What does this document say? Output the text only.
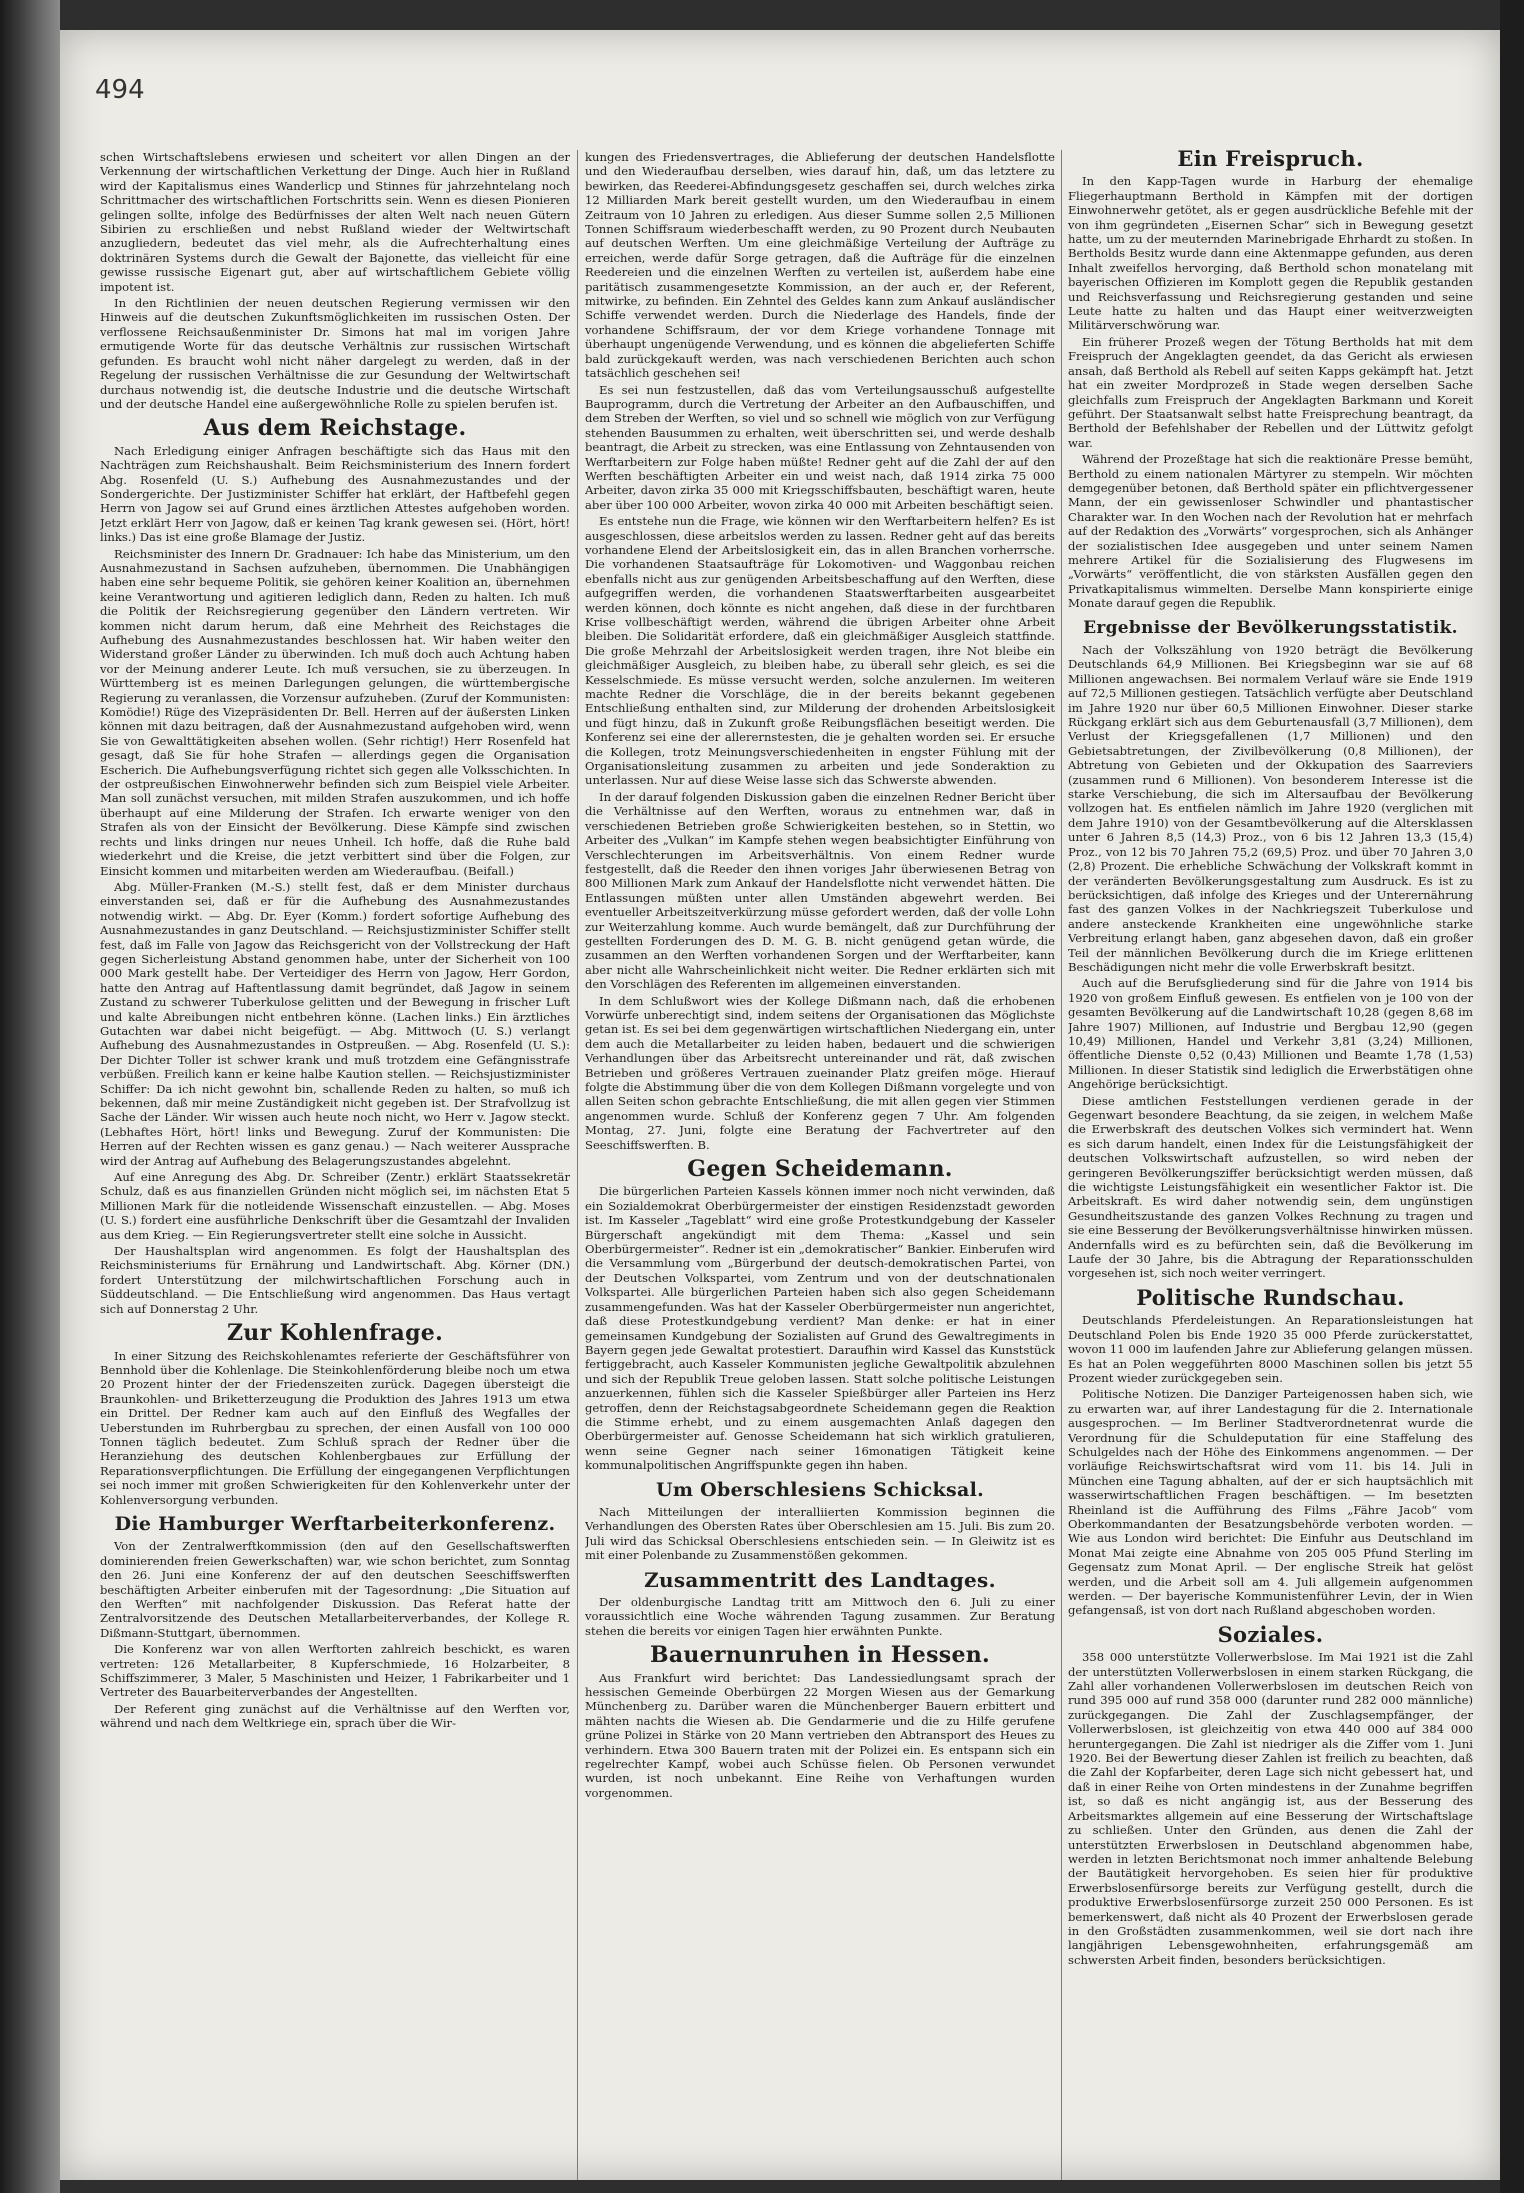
494

schen Wirtschaftslebens erwiesen und scheitert vor allen Dingen an der Verkennung der wirtschaftlichen Verkettung der Dinge. Auch hier in Rußland wird der Kapitalismus eines Wanderlicp und Stinnes für jahrzehntelang noch Schrittmacher des wirtschaftlichen Fortschritts sein. Wenn es diesen Pionieren gelingen sollte, infolge des Bedürfnisses der alten Welt nach neuen Gütern Sibirien zu erschließen und nebst Rußland wieder der Weltwirtschaft anzugliedern, bedeutet das viel mehr, als die Aufrechterhaltung eines doktrinären Systems durch die Gewalt der Bajonette, das vielleicht für eine gewisse russische Eigenart gut, aber auf wirtschaftlichem Gebiete völlig impotent ist.

In den Richtlinien der neuen deutschen Regierung vermissen wir den Hinweis auf die deutschen Zukunftsmöglichkeiten im russischen Osten. Der verflossene Reichsaußenminister Dr. Simons hat mal im vorigen Jahre ermutigende Worte für das deutsche Verhältnis zur russischen Wirtschaft gefunden. Es braucht wohl nicht näher dargelegt zu werden, daß in der Regelung der russischen Verhältnisse die zur Gesundung der Weltwirtschaft durchaus notwendig ist, die deutsche Industrie und die deutsche Wirtschaft und der deutsche Handel eine außergewöhnliche Rolle zu spielen berufen ist.

Aus dem Reichstage.

Nach Erledigung einiger Anfragen beschäftigte sich das Haus mit den Nachträgen zum Reichshaushalt. Beim Reichsministerium des Innern fordert Abg. Rosenfeld (U. S.) Aufhebung des Ausnahmezustandes und der Sondergerichte. Der Justizminister Schiffer hat erklärt, der Haftbefehl gegen Herrn von Jagow sei auf Grund eines ärztlichen Attestes aufgehoben worden. Jetzt erklärt Herr von Jagow, daß er keinen Tag krank gewesen sei. (Hört, hört! links.) Das ist eine große Blamage der Justiz.

Reichsminister des Innern Dr. Gradnauer: Ich habe das Ministerium, um den Ausnahmezustand in Sachsen aufzuheben, übernommen. Die Unabhängigen haben eine sehr bequeme Politik, sie gehören keiner Koalition an, übernehmen keine Verantwortung und agitieren lediglich dann, Reden zu halten. Ich muß die Politik der Reichsregierung gegenüber den Ländern vertreten. Wir kommen nicht darum herum, daß eine Mehrheit des Reichstages die Aufhebung des Ausnahmezustandes beschlossen hat. Wir haben weiter den Widerstand großer Länder zu überwinden. Ich muß doch auch Achtung haben vor der Meinung anderer Leute. Ich muß versuchen, sie zu überzeugen. In Württemberg ist es meinen Darlegungen gelungen, die württembergische Regierung zu veranlassen, die Vorzensur aufzuheben. (Zuruf der Kommunisten: Komödie!) Rüge des Vizepräsidenten Dr. Bell. Herren auf der äußersten Linken können mit dazu beitragen, daß der Ausnahmezustand aufgehoben wird, wenn Sie von Gewalttätigkeiten absehen wollen. (Sehr richtig!) Herr Rosenfeld hat gesagt, daß Sie für hohe Strafen — allerdings gegen die Organisation Escherich. Die Aufhebungsverfügung richtet sich gegen alle Volksschichten. In der ostpreußischen Einwohnerwehr befinden sich zum Beispiel viele Arbeiter. Man soll zunächst versuchen, mit milden Strafen auszukommen, und ich hoffe überhaupt auf eine Milderung der Strafen. Ich erwarte weniger von den Strafen als von der Einsicht der Bevölkerung. Diese Kämpfe sind zwischen rechts und links dringen nur neues Unheil. Ich hoffe, daß die Ruhe bald wiederkehrt und die Kreise, die jetzt verbittert sind über die Folgen, zur Einsicht kommen und mitarbeiten werden am Wiederaufbau. (Beifall.)

Abg. Müller-Franken (M.-S.) stellt fest, daß er dem Minister durchaus einverstanden sei, daß er für die Aufhebung des Ausnahmezustandes notwendig wirkt. — Abg. Dr. Eyer (Komm.) fordert sofortige Aufhebung des Ausnahmezustandes in ganz Deutschland. — Reichsjustizminister Schiffer stellt fest, daß im Falle von Jagow das Reichsgericht von der Vollstreckung der Haft gegen Sicherleistung Abstand genommen habe, unter der Sicherheit von 100 000 Mark gestellt habe. Der Verteidiger des Herrn von Jagow, Herr Gordon, hatte den Antrag auf Haftentlassung damit begründet, daß Jagow in seinem Zustand zu schwerer Tuberkulose gelitten und der Bewegung in frischer Luft und kalte Abreibungen nicht entbehren könne. (Lachen links.) Ein ärztliches Gutachten war dabei nicht beigefügt. — Abg. Mittwoch (U. S.) verlangt Aufhebung des Ausnahmezustandes in Ostpreußen. — Abg. Rosenfeld (U. S.): Der Dichter Toller ist schwer krank und muß trotzdem eine Gefängnisstrafe verbüßen. Freilich kann er keine halbe Kaution stellen. — Reichsjustizminister Schiffer: Da ich nicht gewohnt bin, schallende Reden zu halten, so muß ich bekennen, daß mir meine Zuständigkeit nicht gegeben ist. Der Strafvollzug ist Sache der Länder. Wir wissen auch heute noch nicht, wo Herr v. Jagow steckt. (Lebhaftes Hört, hört! links und Bewegung. Zuruf der Kommunisten: Die Herren auf der Rechten wissen es ganz genau.) — Nach weiterer Aussprache wird der Antrag auf Aufhebung des Belagerungszustandes abgelehnt.

Auf eine Anregung des Abg. Dr. Schreiber (Zentr.) erklärt Staatssekretär Schulz, daß es aus finanziellen Gründen nicht möglich sei, im nächsten Etat 5 Millionen Mark für die notleidende Wissenschaft einzustellen. — Abg. Moses (U. S.) fordert eine ausführliche Denkschrift über die Gesamtzahl der Invaliden aus dem Krieg. — Ein Regierungsvertreter stellt eine solche in Aussicht.

Der Haushaltsplan wird angenommen. Es folgt der Haushaltsplan des Reichsministeriums für Ernährung und Landwirtschaft. Abg. Körner (DN.) fordert Unterstützung der milchwirtschaftlichen Forschung auch in Süddeutschland. — Die Entschließung wird angenommen. Das Haus vertagt sich auf Donnerstag 2 Uhr.

Zur Kohlenfrage.

In einer Sitzung des Reichskohlenamtes referierte der Geschäftsführer von Bennhold über die Kohlenlage. Die Steinkohlenförderung bleibe noch um etwa 20 Prozent hinter der der Friedenszeiten zurück. Dagegen übersteigt die Braunkohlen- und Briketterzeugung die Produktion des Jahres 1913 um etwa ein Drittel. Der Redner kam auch auf den Einfluß des Wegfalles der Ueberstunden im Ruhrbergbau zu sprechen, der einen Ausfall von 100 000 Tonnen täglich bedeutet. Zum Schluß sprach der Redner über die Heranziehung des deutschen Kohlenbergbaues zur Erfüllung der Reparationsverpflichtungen. Die Erfüllung der eingegangenen Verpflichtungen sei noch immer mit großen Schwierigkeiten für den Kohlenverkehr unter der Kohlenversorgung verbunden.

Die Hamburger Werftarbeiterkonferenz.

Von der Zentralwerftkommission (den auf den Gesellschaftswerften dominierenden freien Gewerkschaften) war, wie schon berichtet, zum Sonntag den 26. Juni eine Konferenz der auf den deutschen Seeschiffswerften beschäftigten Arbeiter einberufen mit der Tagesordnung: „Die Situation auf den Werften“ mit nachfolgender Diskussion. Das Referat hatte der Zentralvorsitzende des Deutschen Metallarbeiterverbandes, der Kollege R. Dißmann-Stuttgart, übernommen.

Die Konferenz war von allen Werftorten zahlreich beschickt, es waren vertreten: 126 Metallarbeiter, 8 Kupferschmiede, 16 Holzarbeiter, 8 Schiffszimmerer, 3 Maler, 5 Maschinisten und Heizer, 1 Fabrikarbeiter und 1 Vertreter des Bauarbeiterverbandes der Angestellten.

Der Referent ging zunächst auf die Verhältnisse auf den Werften vor, während und nach dem Weltkriege ein, sprach über die Wir-

kungen des Friedensvertrages, die Ablieferung der deutschen Handelsflotte und den Wiederaufbau derselben, wies darauf hin, daß, um das letztere zu bewirken, das Reederei-Abfindungsgesetz geschaffen sei, durch welches zirka 12 Milliarden Mark bereit gestellt wurden, um den Wiederaufbau in einem Zeitraum von 10 Jahren zu erledigen. Aus dieser Summe sollen 2,5 Millionen Tonnen Schiffsraum wiederbeschafft werden, zu 90 Prozent durch Neubauten auf deutschen Werften. Um eine gleichmäßige Verteilung der Aufträge zu erreichen, werde dafür Sorge getragen, daß die Aufträge für die einzelnen Reedereien und die einzelnen Werften zu verteilen ist, außerdem habe eine paritätisch zusammengesetzte Kommission, an der auch er, der Referent, mitwirke, zu befinden. Ein Zehntel des Geldes kann zum Ankauf ausländischer Schiffe verwendet werden. Durch die Niederlage des Handels, finde der vorhandene Schiffsraum, der vor dem Kriege vorhandene Tonnage mit überhaupt ungenügende Verwendung, und es können die abgelieferten Schiffe bald zurückgekauft werden, was nach verschiedenen Berichten auch schon tatsächlich geschehen sei!

Es sei nun festzustellen, daß das vom Verteilungsausschuß aufgestellte Bauprogramm, durch die Vertretung der Arbeiter an den Aufbauschiffen, und dem Streben der Werften, so viel und so schnell wie möglich von zur Verfügung stehenden Bausummen zu erhalten, weit überschritten sei, und werde deshalb beantragt, die Arbeit zu strecken, was eine Entlassung von Zehntausenden von Werftarbeitern zur Folge haben müßte! Redner geht auf die Zahl der auf den Werften beschäftigten Arbeiter ein und weist nach, daß 1914 zirka 75 000 Arbeiter, davon zirka 35 000 mit Kriegsschiffsbauten, beschäftigt waren, heute aber über 100 000 Arbeiter, wovon zirka 40 000 mit Arbeiten beschäftigt seien.

Es entstehe nun die Frage, wie können wir den Werftarbeitern helfen? Es ist ausgeschlossen, diese arbeitslos werden zu lassen. Redner geht auf das bereits vorhandene Elend der Arbeitslosigkeit ein, das in allen Branchen vorherrsche. Die vorhandenen Staatsaufträge für Lokomotiven- und Waggonbau reichen ebenfalls nicht aus zur genügenden Arbeitsbeschaffung auf den Werften, diese aufgegriffen werden, die vorhandenen Staatswerftarbeiten ausgearbeitet werden können, doch könnte es nicht angehen, daß diese in der furchtbaren Krise vollbeschäftigt werden, während die übrigen Arbeiter ohne Arbeit bleiben. Die Solidarität erfordere, daß ein gleichmäßiger Ausgleich stattfinde. Die große Mehrzahl der Arbeitslosigkeit werden tragen, ihre Not bleibe ein gleichmäßiger Ausgleich, zu bleiben habe, zu überall sehr gleich, es sei die Kesselschmiede. Es müsse versucht werden, solche anzulernen. Im weiteren machte Redner die Vorschläge, die in der bereits bekannt gegebenen Entschließung enthalten sind, zur Milderung der drohenden Arbeitslosigkeit und fügt hinzu, daß in Zukunft große Reibungsflächen beseitigt werden. Die Konferenz sei eine der allerernstesten, die je gehalten worden sei. Er ersuche die Kollegen, trotz Meinungsverschiedenheiten in engster Fühlung mit der Organisationsleitung zusammen zu arbeiten und jede Sonderaktion zu unterlassen. Nur auf diese Weise lasse sich das Schwerste abwenden.

In der darauf folgenden Diskussion gaben die einzelnen Redner Bericht über die Verhältnisse auf den Werften, woraus zu entnehmen war, daß in verschiedenen Betrieben große Schwierigkeiten bestehen, so in Stettin, wo Arbeiter des „Vulkan“ im Kampfe stehen wegen beabsichtigter Einführung von Verschlechterungen im Arbeitsverhältnis. Von einem Redner wurde festgestellt, daß die Reeder den ihnen voriges Jahr überwiesenen Betrag von 800 Millionen Mark zum Ankauf der Handelsflotte nicht verwendet hätten. Die Entlassungen müßten unter allen Umständen abgewehrt werden. Bei eventueller Arbeitszeitverkürzung müsse gefordert werden, daß der volle Lohn zur Weiterzahlung komme. Auch wurde bemängelt, daß zur Durchführung der gestellten Forderungen des D. M. G. B. nicht genügend getan würde, die zusammen an den Werften vorhandenen Sorgen und der Werftarbeiter, kann aber nicht alle Wahrscheinlichkeit nicht weiter. Die Redner erklärten sich mit den Vorschlägen des Referenten im allgemeinen einverstanden.

In dem Schlußwort wies der Kollege Dißmann nach, daß die erhobenen Vorwürfe unberechtigt sind, indem seitens der Organisationen das Möglichste getan ist. Es sei bei dem gegenwärtigen wirtschaftlichen Niedergang ein, unter dem auch die Metallarbeiter zu leiden haben, bedauert und die schwierigen Verhandlungen über das Arbeitsrecht untereinander und rät, daß zwischen Betrieben und größeres Vertrauen zueinander Platz greifen möge. Hierauf folgte die Abstimmung über die von dem Kollegen Dißmann vorgelegte und von allen Seiten schon gebrachte Entschließung, die mit allen gegen vier Stimmen angenommen wurde. Schluß der Konferenz gegen 7 Uhr. Am folgenden Montag, 27. Juni, folgte eine Beratung der Fachvertreter auf den Seeschiffswerften. B.

Gegen Scheidemann.

Die bürgerlichen Parteien Kassels können immer noch nicht verwinden, daß ein Sozialdemokrat Oberbürgermeister der einstigen Residenzstadt geworden ist. Im Kasseler „Tageblatt“ wird eine große Protestkundgebung der Kasseler Bürgerschaft angekündigt mit dem Thema: „Kassel und sein Oberbürgermeister“. Redner ist ein „demokratischer“ Bankier. Einberufen wird die Versammlung vom „Bürgerbund der deutsch-demokratischen Partei, von der Deutschen Volkspartei, vom Zentrum und von der deutschnationalen Volkspartei. Alle bürgerlichen Parteien haben sich also gegen Scheidemann zusammengefunden. Was hat der Kasseler Oberbürgermeister nun angerichtet, daß diese Protestkundgebung verdient? Man denke: er hat in einer gemeinsamen Kundgebung der Sozialisten auf Grund des Gewaltregiments in Bayern gegen jede Gewaltat protestiert. Daraufhin wird Kassel das Kunststück fertiggebracht, auch Kasseler Kommunisten jegliche Gewaltpolitik abzulehnen und sich der Republik Treue geloben lassen. Statt solche politische Leistungen anzuerkennen, fühlen sich die Kasseler Spießbürger aller Parteien ins Herz getroffen, denn der Reichstagsabgeordnete Scheidemann gegen die Reaktion die Stimme erhebt, und zu einem ausgemachten Anlaß dagegen den Oberbürgermeister auf. Genosse Scheidemann hat sich wirklich gratulieren, wenn seine Gegner nach seiner 16monatigen Tätigkeit keine kommunalpolitischen Angriffspunkte gegen ihn haben.

Um Oberschlesiens Schicksal.

Nach Mitteilungen der interalliierten Kommission beginnen die Verhandlungen des Obersten Rates über Oberschlesien am 15. Juli. Bis zum 20. Juli wird das Schicksal Oberschlesiens entschieden sein. — In Gleiwitz ist es mit einer Polenbande zu Zusammenstößen gekommen.

Zusammentritt des Landtages.

Der oldenburgische Landtag tritt am Mittwoch den 6. Juli zu einer voraussichtlich eine Woche währenden Tagung zusammen. Zur Beratung stehen die bereits vor einigen Tagen hier erwähnten Punkte.

Bauernunruhen in Hessen.

Aus Frankfurt wird berichtet: Das Landessiedlungsamt sprach der hessischen Gemeinde Oberbürgen 22 Morgen Wiesen aus der Gemarkung Münchenberg zu. Darüber waren die Münchenberger Bauern erbittert und mähten nachts die Wiesen ab. Die Gendarmerie und die zu Hilfe gerufene grüne Polizei in Stärke von 20 Mann vertrieben den Abtransport des Heues zu verhindern. Etwa 300 Bauern traten mit der Polizei ein. Es entspann sich ein regelrechter Kampf, wobei auch Schüsse fielen. Ob Personen verwundet wurden, ist noch unbekannt. Eine Reihe von Verhaftungen wurden vorgenommen.

Ein Freispruch.

In den Kapp-Tagen wurde in Harburg der ehemalige Fliegerhauptmann Berthold in Kämpfen mit der dortigen Einwohnerwehr getötet, als er gegen ausdrückliche Befehle mit der von ihm gegründeten „Eisernen Schar“ sich in Bewegung gesetzt hatte, um zu der meuternden Marinebrigade Ehrhardt zu stoßen. In Bertholds Besitz wurde dann eine Aktenmappe gefunden, aus deren Inhalt zweifellos hervorging, daß Berthold schon monatelang mit bayerischen Offizieren im Komplott gegen die Republik gestanden und Reichsverfassung und Reichsregierung gestanden und seine Leute hatte zu halten und das Haupt einer weitverzweigten Militärverschwörung war.

Ein früherer Prozeß wegen der Tötung Bertholds hat mit dem Freispruch der Angeklagten geendet, da das Gericht als erwiesen ansah, daß Berthold als Rebell auf seiten Kapps gekämpft hat. Jetzt hat ein zweiter Mordprozeß in Stade wegen derselben Sache gleichfalls zum Freispruch der Angeklagten Barkmann und Koreit geführt. Der Staatsanwalt selbst hatte Freisprechung beantragt, da Berthold der Befehlshaber der Rebellen und der Lüttwitz gefolgt war.

Während der Prozeßtage hat sich die reaktionäre Presse bemüht, Berthold zu einem nationalen Märtyrer zu stempeln. Wir möchten demgegenüber betonen, daß Berthold später ein pflichtvergessener Mann, der ein gewissenloser Schwindler und phantastischer Charakter war. In den Wochen nach der Revolution hat er mehrfach auf der Redaktion des „Vorwärts“ vorgesprochen, sich als Anhänger der sozialistischen Idee ausgegeben und unter seinem Namen mehrere Artikel für die Sozialisierung des Flugwesens im „Vorwärts“ veröffentlicht, die von stärksten Ausfällen gegen den Privatkapitalismus wimmelten. Derselbe Mann konspirierte einige Monate darauf gegen die Republik.

Ergebnisse der Bevölkerungsstatistik.

Nach der Volkszählung von 1920 beträgt die Bevölkerung Deutschlands 64,9 Millionen. Bei Kriegsbeginn war sie auf 68 Millionen angewachsen. Bei normalem Verlauf wäre sie Ende 1919 auf 72,5 Millionen gestiegen. Tatsächlich verfügte aber Deutschland im Jahre 1920 nur über 60,5 Millionen Einwohner. Dieser starke Rückgang erklärt sich aus dem Geburtenausfall (3,7 Millionen), dem Verlust der Kriegsgefallenen (1,7 Millionen) und den Gebietsabtretungen, der Zivilbevölkerung (0,8 Millionen), der Abtretung von Gebieten und der Okkupation des Saarreviers (zusammen rund 6 Millionen). Von besonderem Interesse ist die starke Verschiebung, die sich im Altersaufbau der Bevölkerung vollzogen hat. Es entfielen nämlich im Jahre 1920 (verglichen mit dem Jahre 1910) von der Gesamtbevölkerung auf die Altersklassen unter 6 Jahren 8,5 (14,3) Proz., von 6 bis 12 Jahren 13,3 (15,4) Proz., von 12 bis 70 Jahren 75,2 (69,5) Proz. und über 70 Jahren 3,0 (2,8) Prozent. Die erhebliche Schwächung der Volkskraft kommt in der veränderten Bevölkerungsgestaltung zum Ausdruck. Es ist zu berücksichtigen, daß infolge des Krieges und der Unterernährung fast des ganzen Volkes in der Nachkriegszeit Tuberkulose und andere ansteckende Krankheiten eine ungewöhnliche starke Verbreitung erlangt haben, ganz abgesehen davon, daß ein großer Teil der männlichen Bevölkerung durch die im Kriege erlittenen Beschädigungen nicht mehr die volle Erwerbskraft besitzt.

Auch auf die Berufsgliederung sind für die Jahre von 1914 bis 1920 von großem Einfluß gewesen. Es entfielen von je 100 von der gesamten Bevölkerung auf die Landwirtschaft 10,28 (gegen 8,68 im Jahre 1907) Millionen, auf Industrie und Bergbau 12,90 (gegen 10,49) Millionen, Handel und Verkehr 3,81 (3,24) Millionen, öffentliche Dienste 0,52 (0,43) Millionen und Beamte 1,78 (1,53) Millionen. In dieser Statistik sind lediglich die Erwerbstätigen ohne Angehörige berücksichtigt.

Diese amtlichen Feststellungen verdienen gerade in der Gegenwart besondere Beachtung, da sie zeigen, in welchem Maße die Erwerbskraft des deutschen Volkes sich vermindert hat. Wenn es sich darum handelt, einen Index für die Leistungsfähigkeit der deutschen Volkswirtschaft aufzustellen, so wird neben der geringeren Bevölkerungsziffer berücksichtigt werden müssen, daß die wichtigste Leistungsfähigkeit ein wesentlicher Faktor ist. Die Arbeitskraft. Es wird daher notwendig sein, dem ungünstigen Gesundheitszustande des ganzen Volkes Rechnung zu tragen und sie eine Besserung der Bevölkerungsverhältnisse hinwirken müssen. Andernfalls wird es zu befürchten sein, daß die Bevölkerung im Laufe der 30 Jahre, bis die Abtragung der Reparationsschulden vorgesehen ist, sich noch weiter verringert.

Politische Rundschau.

Deutschlands Pferdeleistungen. An Reparationsleistungen hat Deutschland Polen bis Ende 1920 35 000 Pferde zurückerstattet, wovon 11 000 im laufenden Jahre zur Ablieferung gelangen müssen. Es hat an Polen weggeführten 8000 Maschinen sollen bis jetzt 55 Prozent wieder zurückgegeben sein.

Politische Notizen. Die Danziger Parteigenossen haben sich, wie zu erwarten war, auf ihrer Landestagung für die 2. Internationale ausgesprochen. — Im Berliner Stadtverordnetenrat wurde die Verordnung für die Schuldeputation für eine Staffelung des Schulgeldes nach der Höhe des Einkommens angenommen. — Der vorläufige Reichswirtschaftsrat wird vom 11. bis 14. Juli in München eine Tagung abhalten, auf der er sich hauptsächlich mit wasserwirtschaftlichen Fragen beschäftigen. — Im besetzten Rheinland ist die Aufführung des Films „Fähre Jacob“ vom Oberkommandanten der Besatzungsbehörde verboten worden. — Wie aus London wird berichtet: Die Einfuhr aus Deutschland im Monat Mai zeigte eine Abnahme von 205 005 Pfund Sterling im Gegensatz zum Monat April. — Der englische Streik hat gelöst werden, und die Arbeit soll am 4. Juli allgemein aufgenommen werden. — Der bayerische Kommunistenführer Levin, der in Wien gefangensaß, ist von dort nach Rußland abgeschoben worden.

Soziales.

358 000 unterstützte Vollerwerbslose. Im Mai 1921 ist die Zahl der unterstützten Vollerwerbslosen in einem starken Rückgang, die Zahl aller vorhandenen Vollerwerbslosen im deutschen Reich von rund 395 000 auf rund 358 000 (darunter rund 282 000 männliche) zurückgegangen. Die Zahl der Zuschlagsempfänger, der Vollerwerbslosen, ist gleichzeitig von etwa 440 000 auf 384 000 heruntergegangen. Die Zahl ist niedriger als die Ziffer vom 1. Juni 1920. Bei der Bewertung dieser Zahlen ist freilich zu beachten, daß die Zahl der Kopfarbeiter, deren Lage sich nicht gebessert hat, und daß in einer Reihe von Orten mindestens in der Zunahme begriffen ist, so daß es nicht angängig ist, aus der Besserung des Arbeitsmarktes allgemein auf eine Besserung der Wirtschaftslage zu schließen. Unter den Gründen, aus denen die Zahl der unterstützten Erwerbslosen in Deutschland abgenommen habe, werden in letzten Berichtsmonat noch immer anhaltende Belebung der Bautätigkeit hervorgehoben. Es seien hier für produktive Erwerbslosenfürsorge bereits zur Verfügung gestellt, durch die produktive Erwerbslosenfürsorge zurzeit 250 000 Personen. Es ist bemerkenswert, daß nicht als 40 Prozent der Erwerbslosen gerade in den Großstädten zusammenkommen, weil sie dort nach ihre langjährigen Lebensgewohnheiten, erfahrungsgemäß am schwersten Arbeit finden, besonders berücksichtigen.
